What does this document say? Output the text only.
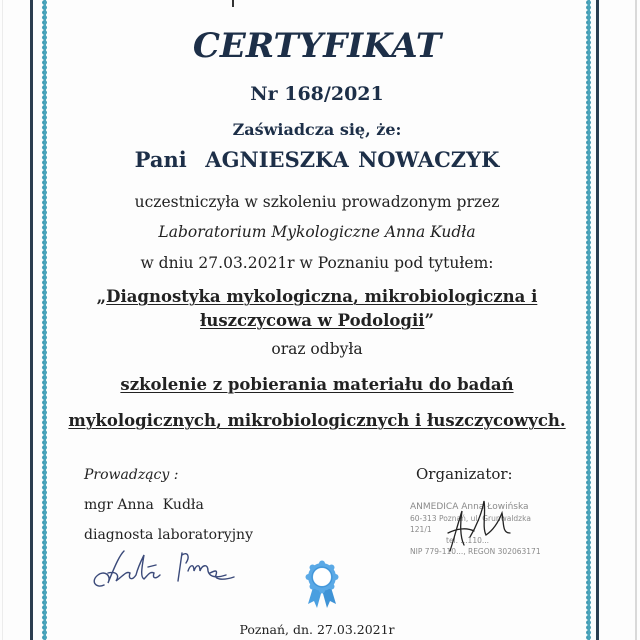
CERTYFIKAT
Nr 168/2021
Zaświadcza się, że:
Pani  AGNIESZKA NOWACZYK
uczestniczyła w szkoleniu prowadzonym przez
Laboratorium Mykologiczne Anna Kudła
w dniu 27.03.2021r w Poznaniu pod tytułem:
„Diagnostyka mykologiczna, mikrobiologiczna i
łuszczycowa w Podologii”
oraz odbyła
szkolenie z pobierania materiału do badań
mykologicznych, mikrobiologicznych i łuszczycowych.
Prowadzący :
mgr Anna  Kudła
diagnosta laboratoryjny
Organizator:
ANMEDICA Anna Łowińska
60-313 Poznań, ul. Grunwaldzka 121/1
tel. ...110...
NIP 779-110..., REGON 302063171
Poznań, dn. 27.03.2021r
